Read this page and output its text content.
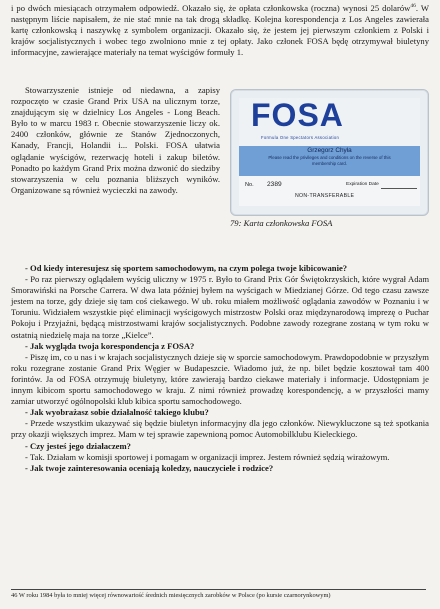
i po dwóch miesiącach otrzymałem odpowiedź. Okazało się, że opłata członkowska (roczna) wynosi 25 dolarów$^{46}$. W następnym liście napisałem, że nie stać mnie na tak drogą składkę. Kolejna korespondencja z Los Angeles zawierała kartę członkowską i naszywkę z symbolem organizacji. Okazało się, że jestem jej pierwszym członkiem z Polski i krajów socjalistycznych i wobec tego zwolniono mnie z tej opłaty. Jako członek FOSA będę otrzymywał biuletyny informacyjne, zawierające materiały na temat wyścigów formuły 1.

Stowarzyszenie istnieje od niedawna, a zapisy rozpoczęto w czasie Grand Prix USA na ulicznym torze, znajdującym się w dzielnicy Los Angeles - Long Beach. Było to w marcu 1983 r. Obecnie stowarzyszenie liczy ok. 2400 członków, głównie ze Stanów Zjednoczonych, Kanady, Francji, Holandii i... Polski. FOSA ułatwia oglądanie wyścigów, rezerwację hoteli i zakup biletów. Ponadto po każdym Grand Prix można dzwonić do siedziby stowarzyszenia w celu poznania bliższych wyników. Organizowane są również wycieczki na zawody.

FOSA
Formula One Spectators Association
Grzegorz Chyła
Please read the privileges and conditions on the reverse of this membership card.
No. 2389	Expiration Date
NON-TRANSFERABLE
79: Karta członkowska FOSA

- Od kiedy interesujesz się sportem samochodowym, na czym polega twoje kibicowanie?

- Po raz pierwszy oglądałem wyścig uliczny w 1975 r. Było to Grand Prix Gór Świętokrzyskich, które wygrał Adam Smorawiński na Porsche Carrera. W dwa lata później byłem na wyścigach w Miedzianej Górze. Od tego czasu zawsze jestem na torze, gdy dzieje się tam coś ciekawego. W ub. roku miałem możliwość oglądania zawodów w Poznaniu i w Toruniu. Widziałem wszystkie pięć eliminacji wyścigowych mistrzostw Polski oraz międzynarodową imprezę o Puchar Pokoju i Przyjaźni, będącą mistrzostwami krajów socjalistycznych. Podobne zawody rozegrane zostaną w tym roku w ostatnią niedzielę maja na torze „Kielce”.

- Jak wygląda twoja korespondencja z FOSA?

- Piszę im, co u nas i w krajach socjalistycznych dzieje się w sporcie samochodowym. Prawdopodobnie w przyszłym roku rozegrane zostanie Grand Prix Węgier w Budapeszcie. Wiadomo już, że np. bilet będzie kosztował tam 400 forintów. Ja od FOSA otrzymuję biuletyny, które zawierają bardzo ciekawe materiały i informacje. Udostępniam je innym kibicom sportu samochodowego w kraju. Z nimi również prowadzę korespondencję, a w przyszłości mamy zamiar utworzyć ogólnopolski klub kibica sportu samochodowego.

- Jak wyobrażasz sobie działalność takiego klubu?

- Przede wszystkim ukazywać się będzie biuletyn informacyjny dla jego członków. Niewykluczone są też spotkania przy okazji większych imprez. Mam w tej sprawie zapewnioną pomoc Automobilklubu Kieleckiego.

- Czy jesteś jego działaczem?

- Tak. Działam w komisji sportowej i pomagam w organizacji imprez. Jestem również sędzią wirażowym.

- Jak twoje zainteresowania oceniają koledzy, nauczyciele i rodzice?

46 W roku 1984 była to mniej więcej równowartość średnich miesięcznych zarobków w Polsce (po kursie czarnorynkowym)
